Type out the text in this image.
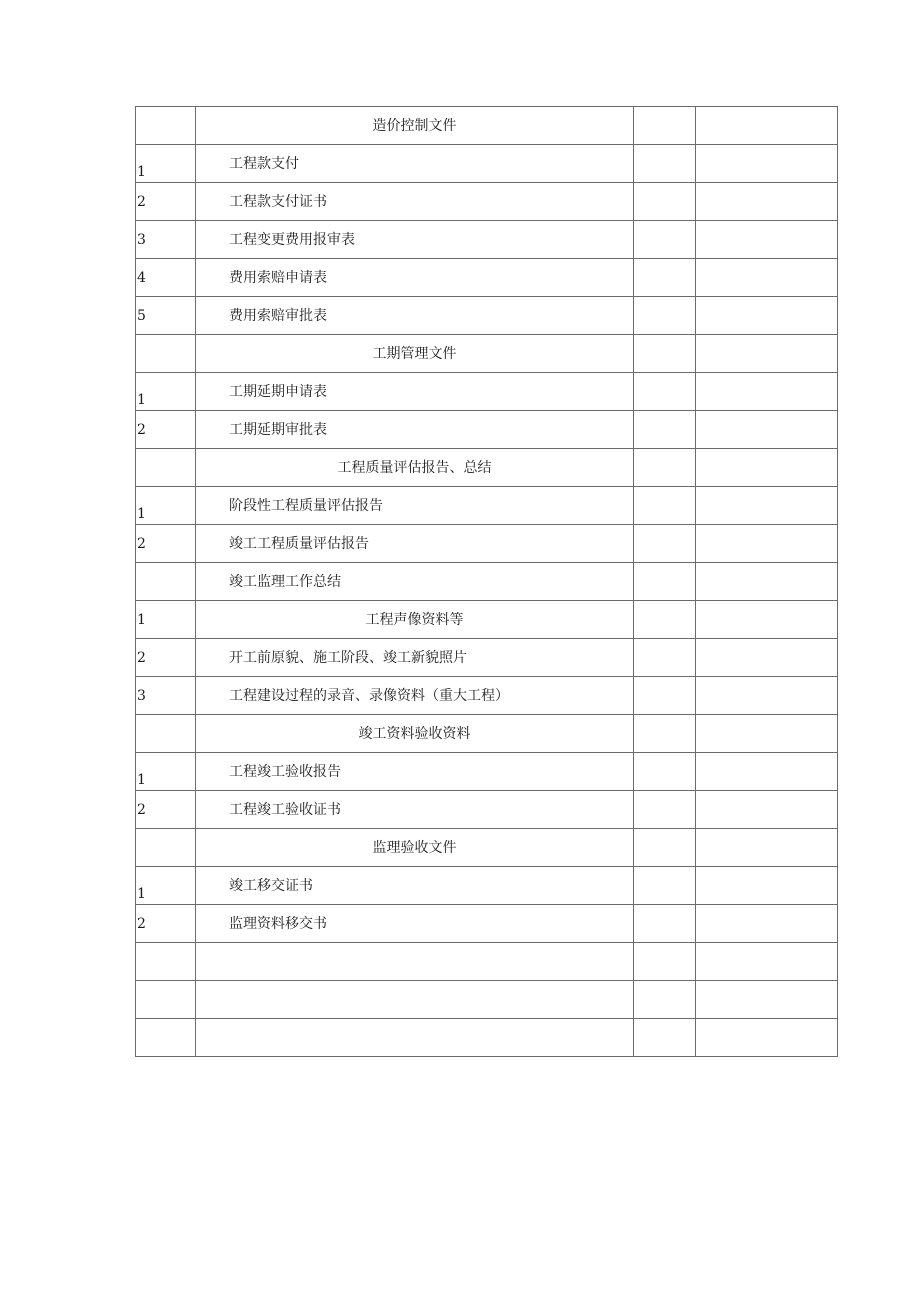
	造价控制文件		
1	工程款支付		
2	工程款支付证书		
3	工程变更费用报审表		
4	费用索赔申请表		
5	费用索赔审批表		
	工期管理文件		
1	工期延期申请表		
2	工期延期审批表		
	工程质量评估报告、总结		
1	阶段性工程质量评估报告		
2	竣工工程质量评估报告		
	竣工监理工作总结		
1	工程声像资料等		
2	开工前原貌、施工阶段、竣工新貌照片		
3	工程建设过程的录音、录像资料（重大工程）		
	竣工资料验收资料		
1	工程竣工验收报告		
2	工程竣工验收证书		
	监理验收文件		
1	竣工移交证书		
2	监理资料移交书		
